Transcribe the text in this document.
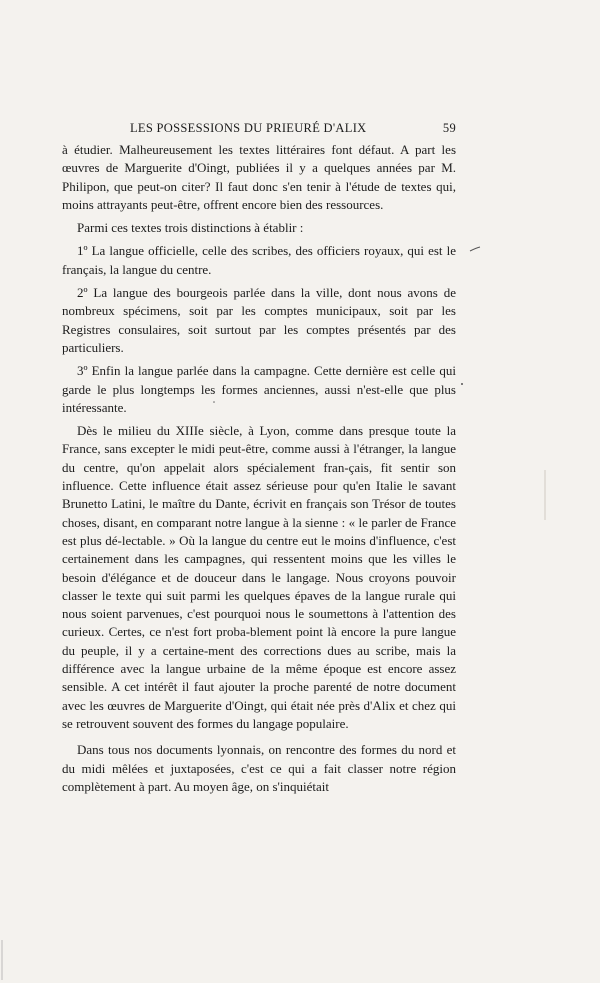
LES POSSESSIONS DU PRIEURÉ D'ALIX	59

à étudier. Malheureusement les textes littéraires font défaut. A part les œuvres de Marguerite d'Oingt, publiées il y a quelques années par M. Philipon, que peut-on citer? Il faut donc s'en tenir à l'étude de textes qui, moins attrayants peut-être, offrent encore bien des ressources.

Parmi ces textes trois distinctions à établir :

1º La langue officielle, celle des scribes, des officiers royaux, qui est le français, la langue du centre.

2º La langue des bourgeois parlée dans la ville, dont nous avons de nombreux spécimens, soit par les comptes municipaux, soit par les Registres consulaires, soit surtout par les comptes présentés par des particuliers.

3º Enfin la langue parlée dans la campagne. Cette dernière est celle qui garde le plus longtemps les formes anciennes, aussi n'est-elle que plus intéressante.

Dès le milieu du XIIIe siècle, à Lyon, comme dans presque toute la France, sans excepter le midi peut-être, comme aussi à l'étranger, la langue du centre, qu'on appelait alors spécialement fran-çais, fit sentir son influence. Cette influence était assez sérieuse pour qu'en Italie le savant Brunetto Latini, le maître du Dante, écrivit en français son Trésor de toutes choses, disant, en comparant notre langue à la sienne : « le parler de France est plus dé-lectable. » Où la langue du centre eut le moins d'influence, c'est certainement dans les campagnes, qui ressentent moins que les villes le besoin d'élégance et de douceur dans le langage. Nous croyons pouvoir classer le texte qui suit parmi les quelques épaves de la langue rurale qui nous soient parvenues, c'est pourquoi nous le soumettons à l'attention des curieux. Certes, ce n'est fort proba-blement point là encore la pure langue du peuple, il y a certaine-ment des corrections dues au scribe, mais la différence avec la langue urbaine de la même époque est encore assez sensible. A cet intérêt il faut ajouter la proche parenté de notre document avec les œuvres de Marguerite d'Oingt, qui était née près d'Alix et chez qui se retrouvent souvent des formes du langage populaire.

Dans tous nos documents lyonnais, on rencontre des formes du nord et du midi mêlées et juxtaposées, c'est ce qui a fait classer notre région complètement à part. Au moyen âge, on s'inquiétait
